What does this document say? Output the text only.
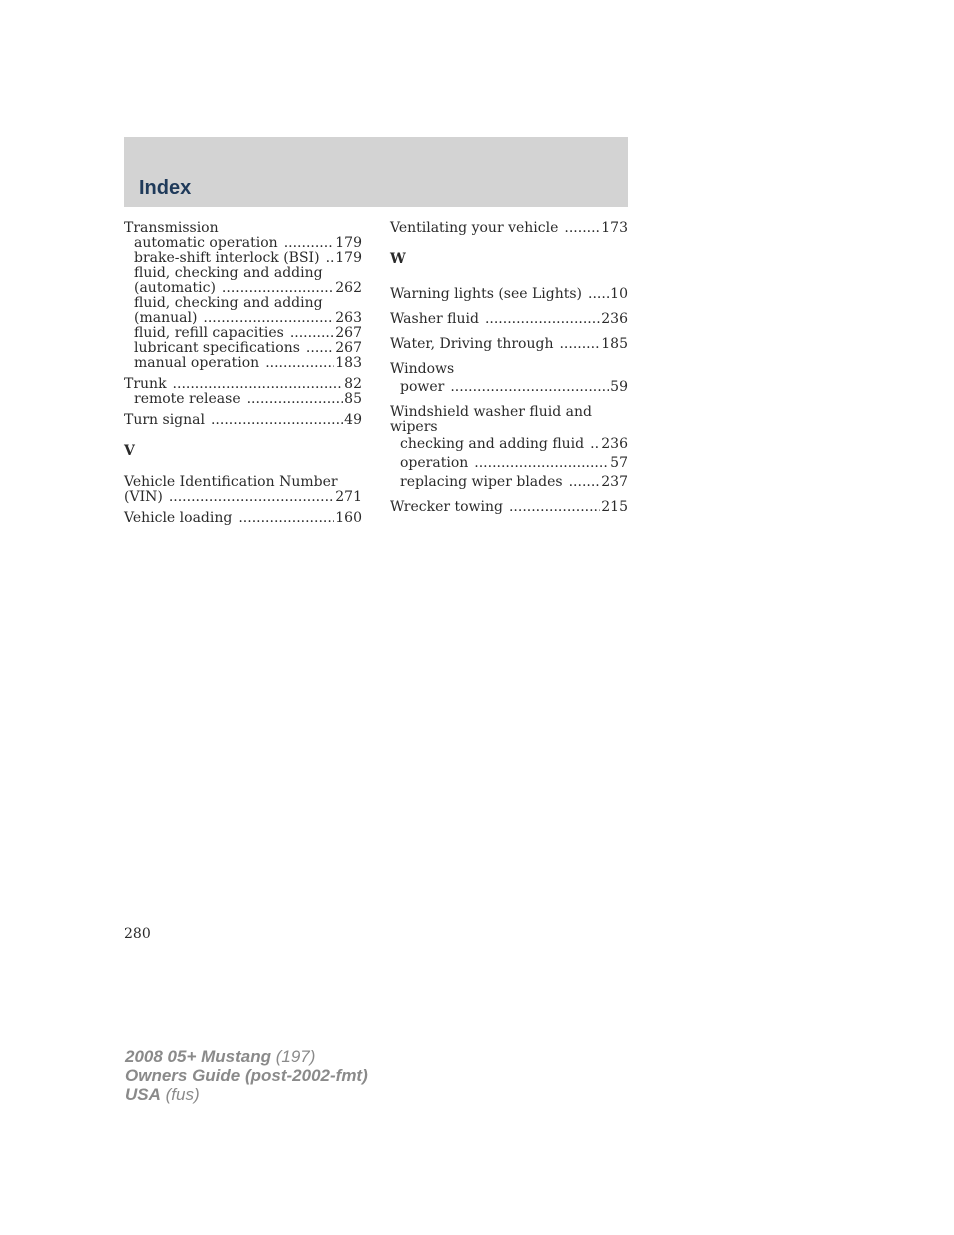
Index
Transmission
automatic operation .....	179
brake-shift interlock (BSI) ..... 179
fluid, checking and adding
(automatic) .....	262
fluid, checking and adding
(manual) .....	263
fluid, refill capacities .....	267
lubricant specifications .....	267
manual operation .....	183
Trunk .....	82
remote release .....	85
Turn signal .....	49
V
Vehicle Identification Number
(VIN) .....	271
Vehicle loading .....	160
Ventilating your vehicle .....	173
W
Warning lights (see Lights) ..... 10
Washer fluid .....	236
Water, Driving through .....	185
Windows
power .....	59
Windshield washer fluid and
wipers
checking and adding fluid ..... 236
operation .....	57
replacing wiper blades .....	237
Wrecker towing .....	215
280
2008 05+ Mustang (197)
Owners Guide (post-2002-fmt)
USA (fus)
